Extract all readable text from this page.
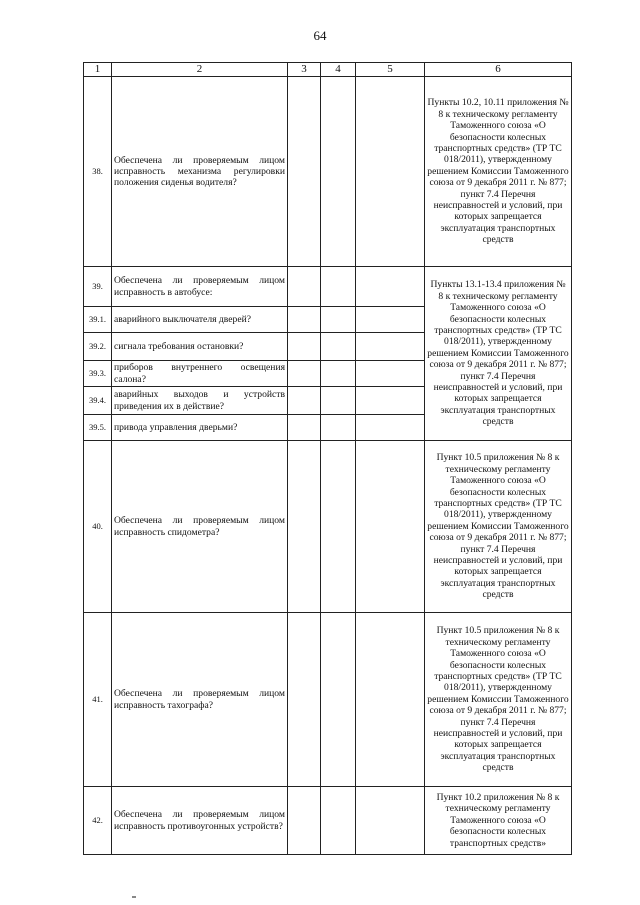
64
1	2	3	4	5	6
38.	Обеспечена ли проверяемым лицом исправность механизма регулировки положения сиденья водителя?				Пункты 10.2, 10.11 приложения № 8 к техническому регламенту Таможенного союза «О безопасности колесных транспортных средств» (ТР ТС 018/2011), утвержденному решением Комиссии Таможенного союза от 9 декабря 2011 г. № 877; пункт 7.4 Перечня неисправностей и условий, при которых запрещается эксплуатация транспортных средств
39.	Обеспечена ли проверяемым лицом исправность в автобусе:				Пункты 13.1-13.4 приложения № 8 к техническому регламенту Таможенного союза «О безопасности колесных транспортных средств» (ТР ТС 018/2011), утвержденному решением Комиссии Таможенного союза от 9 декабря 2011 г. № 877; пункт 7.4 Перечня неисправностей и условий, при которых запрещается эксплуатация транспортных средств
39.1.	аварийного выключателя дверей?				
39.2.	сигнала требования остановки?				
39.3.	приборов внутреннего освещения салона?				
39.4.	аварийных выходов и устройств приведения их в действие?				
39.5.	привода управления дверьми?				
40.	Обеспечена ли проверяемым лицом исправность спидометра?				Пункт 10.5 приложения № 8 к техническому регламенту Таможенного союза «О безопасности колесных транспортных средств» (ТР ТС 018/2011), утвержденному решением Комиссии Таможенного союза от 9 декабря 2011 г. № 877; пункт 7.4 Перечня неисправностей и условий, при которых запрещается эксплуатация транспортных средств
41.	Обеспечена ли проверяемым лицом исправность тахографа?				Пункт 10.5 приложения № 8 к техническому регламенту Таможенного союза «О безопасности колесных транспортных средств» (ТР ТС 018/2011), утвержденному решением Комиссии Таможенного союза от 9 декабря 2011 г. № 877; пункт 7.4 Перечня неисправностей и условий, при которых запрещается эксплуатация транспортных средств
42.	Обеспечена ли проверяемым лицом исправность противоугонных устройств?				Пункт 10.2 приложения № 8 к техническому регламенту Таможенного союза «О безопасности колесных транспортных средств»
